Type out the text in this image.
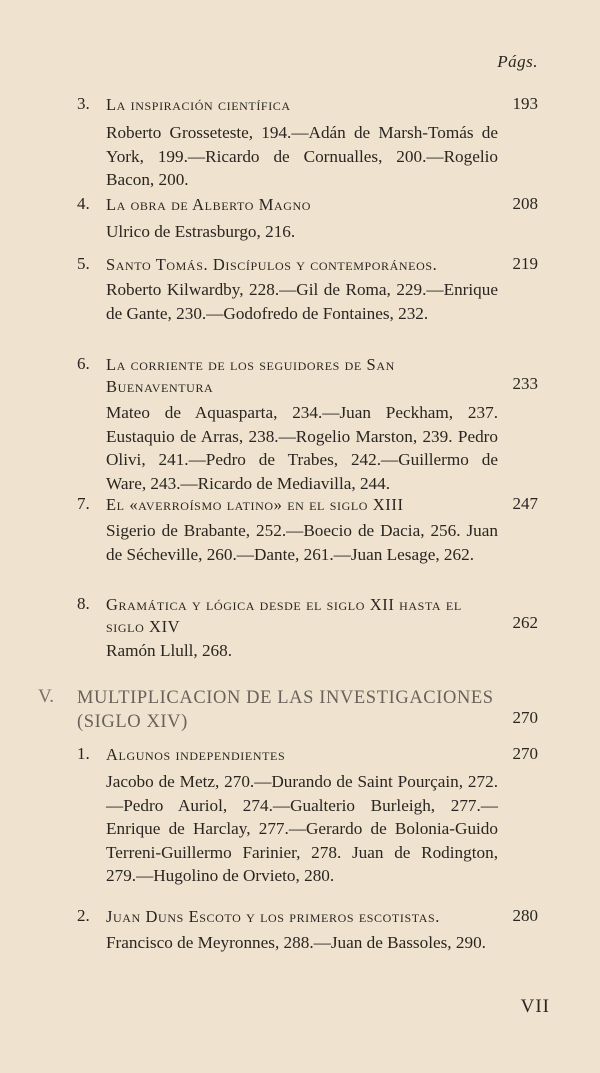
Págs.
3. La inspiración científica	193
Roberto Grosseteste, 194.—Adán de Marsh-Tomás de York, 199.—Ricardo de Cornualles, 200.—Rogelio Bacon, 200.
4. La obra de Alberto Magno	208
Ulrico de Estrasburgo, 216.
5. Santo Tomás. Discípulos y contemporáneos.	219
Roberto Kilwardby, 228.—Gil de Roma, 229.—Enrique de Gante, 230.—Godofredo de Fontaines, 232.
6. La corriente de los seguidores de San Buenaventura	233
Mateo de Aquasparta, 234.—Juan Peckham, 237. Eustaquio de Arras, 238.—Rogelio Marston, 239. Pedro Olivi, 241.—Pedro de Trabes, 242.—Guillermo de Ware, 243.—Ricardo de Mediavilla, 244.
7. El «averroísmo latino» en el siglo XIII	247
Sigerio de Brabante, 252.—Boecio de Dacia, 256. Juan de Sécheville, 260.—Dante, 261.—Juan Lesage, 262.
8. Gramática y lógica desde el siglo XII hasta el siglo XIV	262
Ramón Llull, 268.
V. MULTIPLICACION DE LAS INVESTIGACIONES (SIGLO XIV)	270
1. Algunos independientes	270
Jacobo de Metz, 270.—Durando de Saint Pourçain, 272.—Pedro Auriol, 274.—Gualterio Burleigh, 277.—Enrique de Harclay, 277.—Gerardo de Bolonia-Guido Terreni-Guillermo Farinier, 278. Juan de Rodington, 279.—Hugolino de Orvieto, 280.
2. Juan Duns Escoto y los primeros escotistas.	280
Francisco de Meyronnes, 288.—Juan de Bassoles, 290.
VII
